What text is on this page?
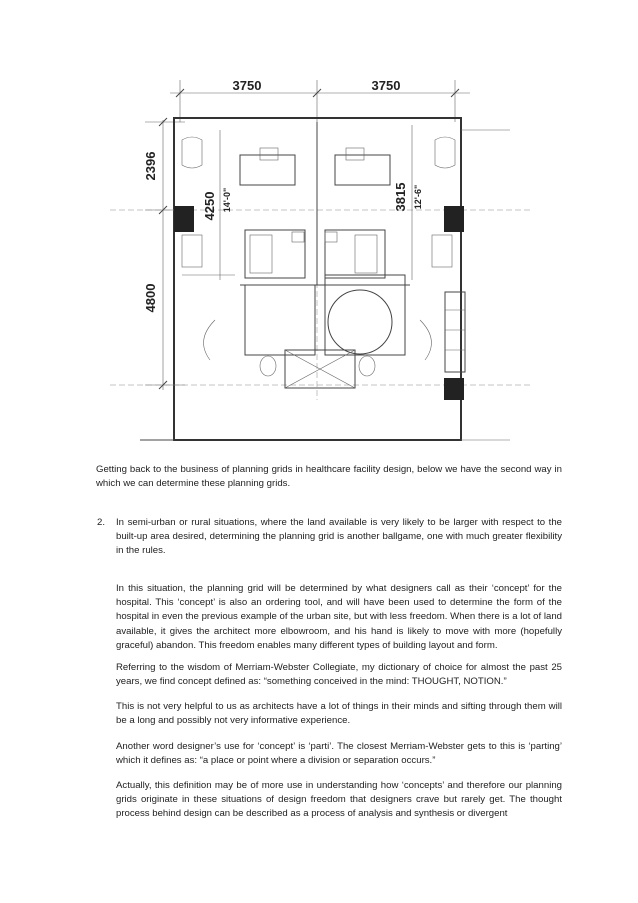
3750	3750
2396
4800
4250 14'-0"	3815 12'-6"
Getting back to the business of planning grids in healthcare facility design, below we have the second way in which we can determine these planning grids.
2. In semi-urban or rural situations, where the land available is very likely to be larger with respect to the built-up area desired, determining the planning grid is another ballgame, one with much greater flexibility in the rules.
In this situation, the planning grid will be determined by what designers call as their ‘concept’ for the hospital. This ‘concept’ is also an ordering tool, and will have been used to determine the form of the hospital in even the previous example of the urban site, but with less freedom. When there is a lot of land available, it gives the architect more elbowroom, and his hand is likely to move with more (hopefully graceful) abandon. This freedom enables many different types of building layout and form.
Referring to the wisdom of Merriam-Webster Collegiate, my dictionary of choice for almost the past 25 years, we find concept defined as: “something conceived in the mind: THOUGHT, NOTION.”
This is not very helpful to us as architects have a lot of things in their minds and sifting through them will be a long and possibly not very informative experience.
Another word designer’s use for ‘concept’ is ‘parti’. The closest Merriam-Webster gets to this is ‘parting’ which it defines as: “a place or point where a division or separation occurs.”
Actually, this definition may be of more use in understanding how ‘concepts’ and therefore our planning grids originate in these situations of design freedom that designers crave but rarely get. The thought process behind design can be described as a process of analysis and synthesis or divergent
